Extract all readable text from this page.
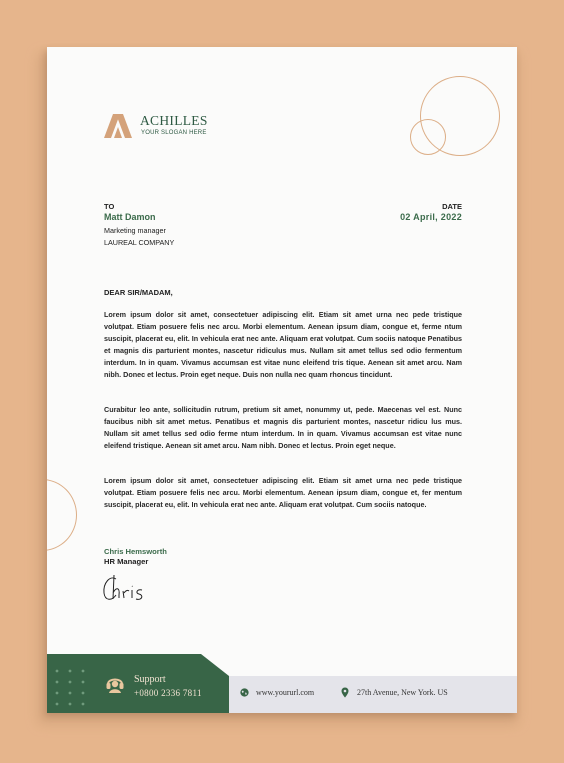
ACHILLES
YOUR SLOGAN HERE
TO
Matt Damon
Marketing manager
LAUREAL COMPANY
DATE
02 April, 2022
DEAR SIR/MADAM,
Lorem ipsum dolor sit amet, consectetuer adipiscing elit. Etiam sit amet urna nec pede tristique volutpat. Etiam posuere felis nec arcu. Morbi elementum. Aenean ipsum diam, congue et, ferme ntum suscipit, placerat eu, elit. In vehicula erat nec ante. Aliquam erat volutpat. Cum sociis natoque Penatibus et magnis dis parturient montes, nascetur ridiculus mus. Nullam sit amet tellus sed odio fermentum interdum. In in quam. Vivamus accumsan est vitae nunc eleifend tris tique. Aenean sit amet arcu. Nam nibh. Donec et lectus. Proin eget neque. Duis non nulla nec quam rhoncus tincidunt.
Curabitur leo ante, sollicitudin rutrum, pretium sit amet, nonummy ut, pede. Maecenas vel est. Nunc faucibus nibh sit amet metus. Penatibus et magnis dis parturient montes, nascetur ridicu lus mus. Nullam sit amet tellus sed odio ferme ntum interdum. In in quam. Vivamus accumsan est vitae nunc eleifend tristique. Aenean sit amet arcu. Nam nibh. Donec et lectus. Proin eget neque.
Lorem ipsum dolor sit amet, consectetuer adipiscing elit. Etiam sit amet urna nec pede tristique volutpat. Etiam posuere felis nec arcu. Morbi elementum. Aenean ipsum diam, congue et, fer mentum suscipit, placerat eu, elit. In vehicula erat nec ante. Aliquam erat volutpat. Cum sociis natoque.
Chris Hemsworth
HR Manager
Support
+0800 2336 7811	www.yoururl.com	27th Avenue, New York. US
